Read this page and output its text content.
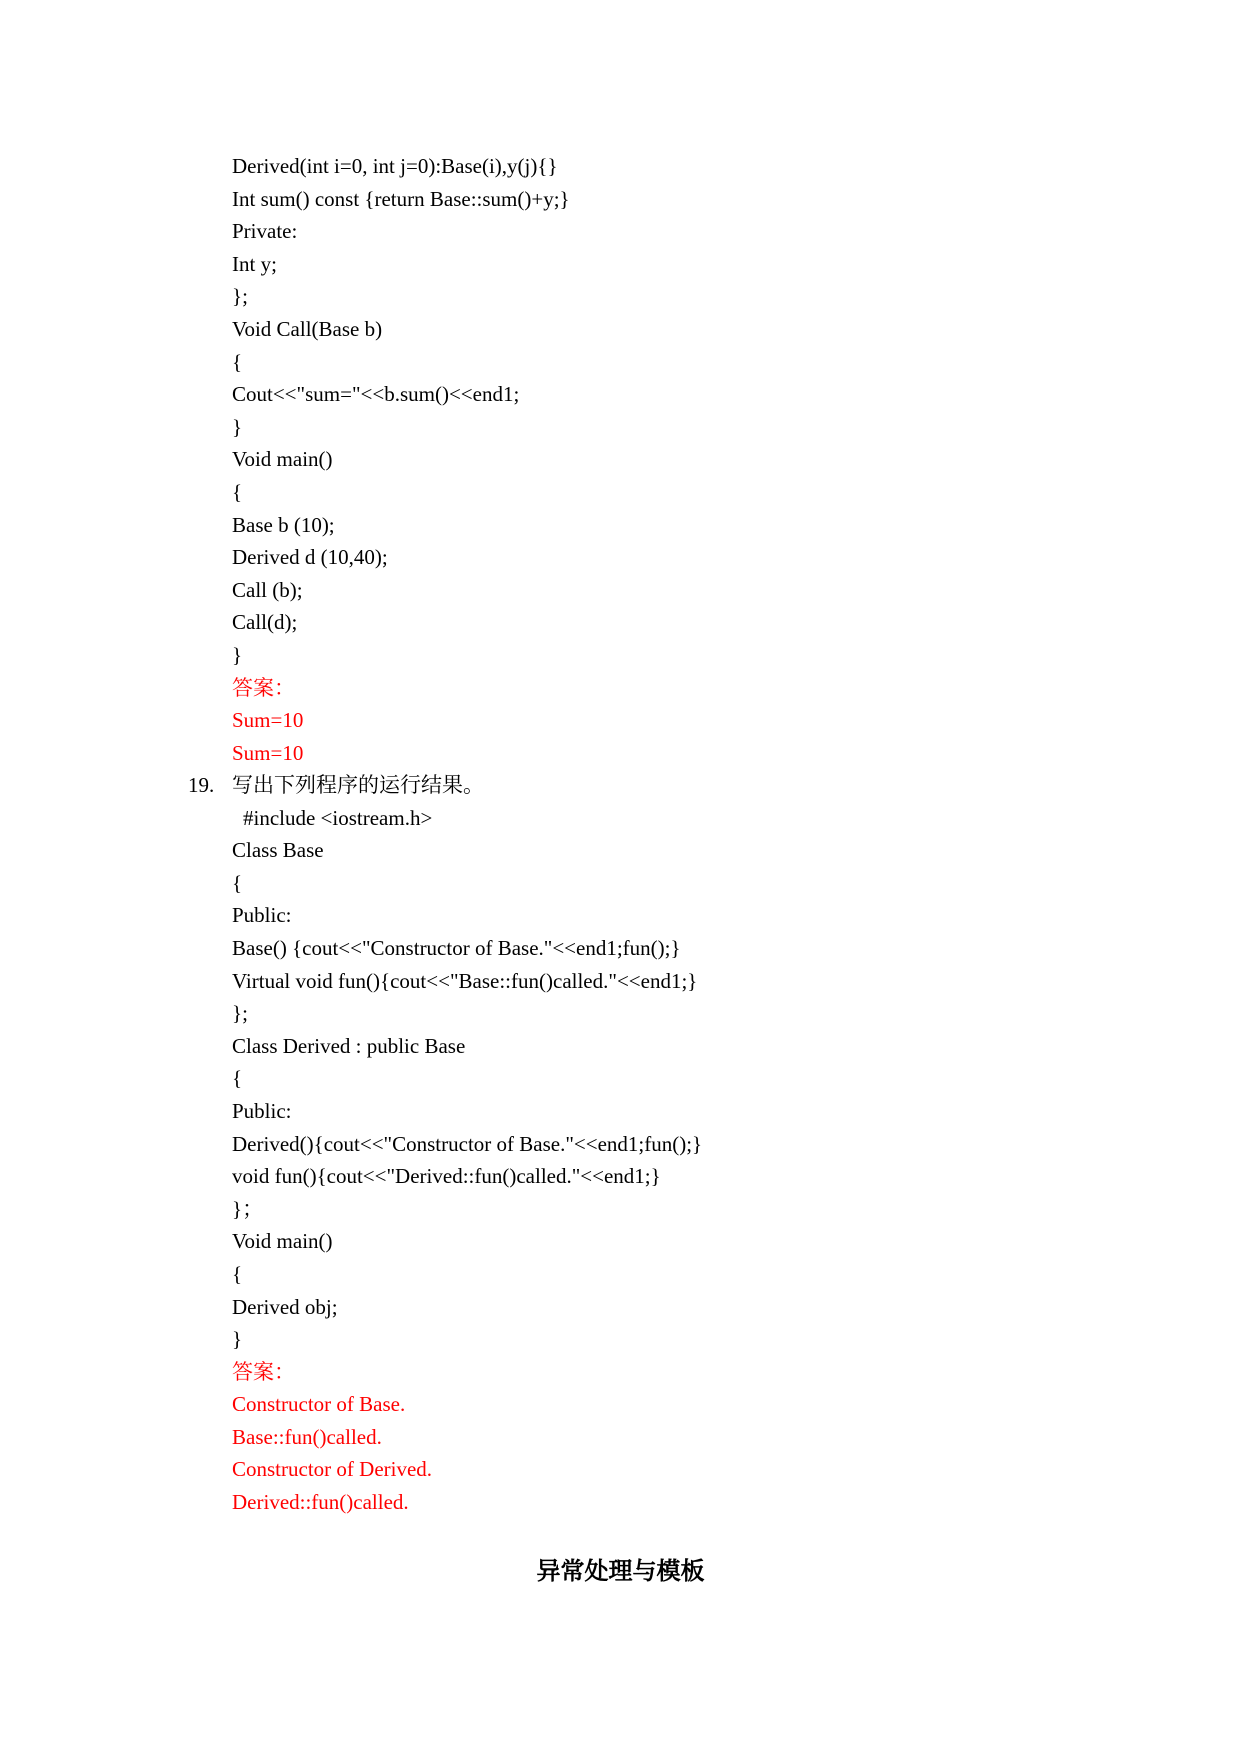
Derived(int i=0, int j=0):Base(i),y(j){}
Int sum() const {return Base::sum()+y;}
Private:
Int y;
};
Void Call(Base b)
{
Cout<<"sum="<<b.sum()<<end1;
}
Void main()
{
Base b (10);
Derived d (10,40);
Call (b);
Call(d);
}
答案：
Sum=10
Sum=10
19. 写出下列程序的运行结果。
#include <iostream.h>
Class Base
{
Public:
Base() {cout<<"Constructor of Base."<<end1;fun();}
Virtual void fun(){cout<<"Base::fun()called."<<end1;}
};
Class Derived : public Base
{
Public:
Derived(){cout<<"Constructor of Base."<<end1;fun();}
void fun(){cout<<"Derived::fun()called."<<end1;}
}；
Void main()
{
Derived obj;
}
答案：
Constructor of Base.
Base::fun()called.
Constructor of Derived.
Derived::fun()called.
异常处理与模板
